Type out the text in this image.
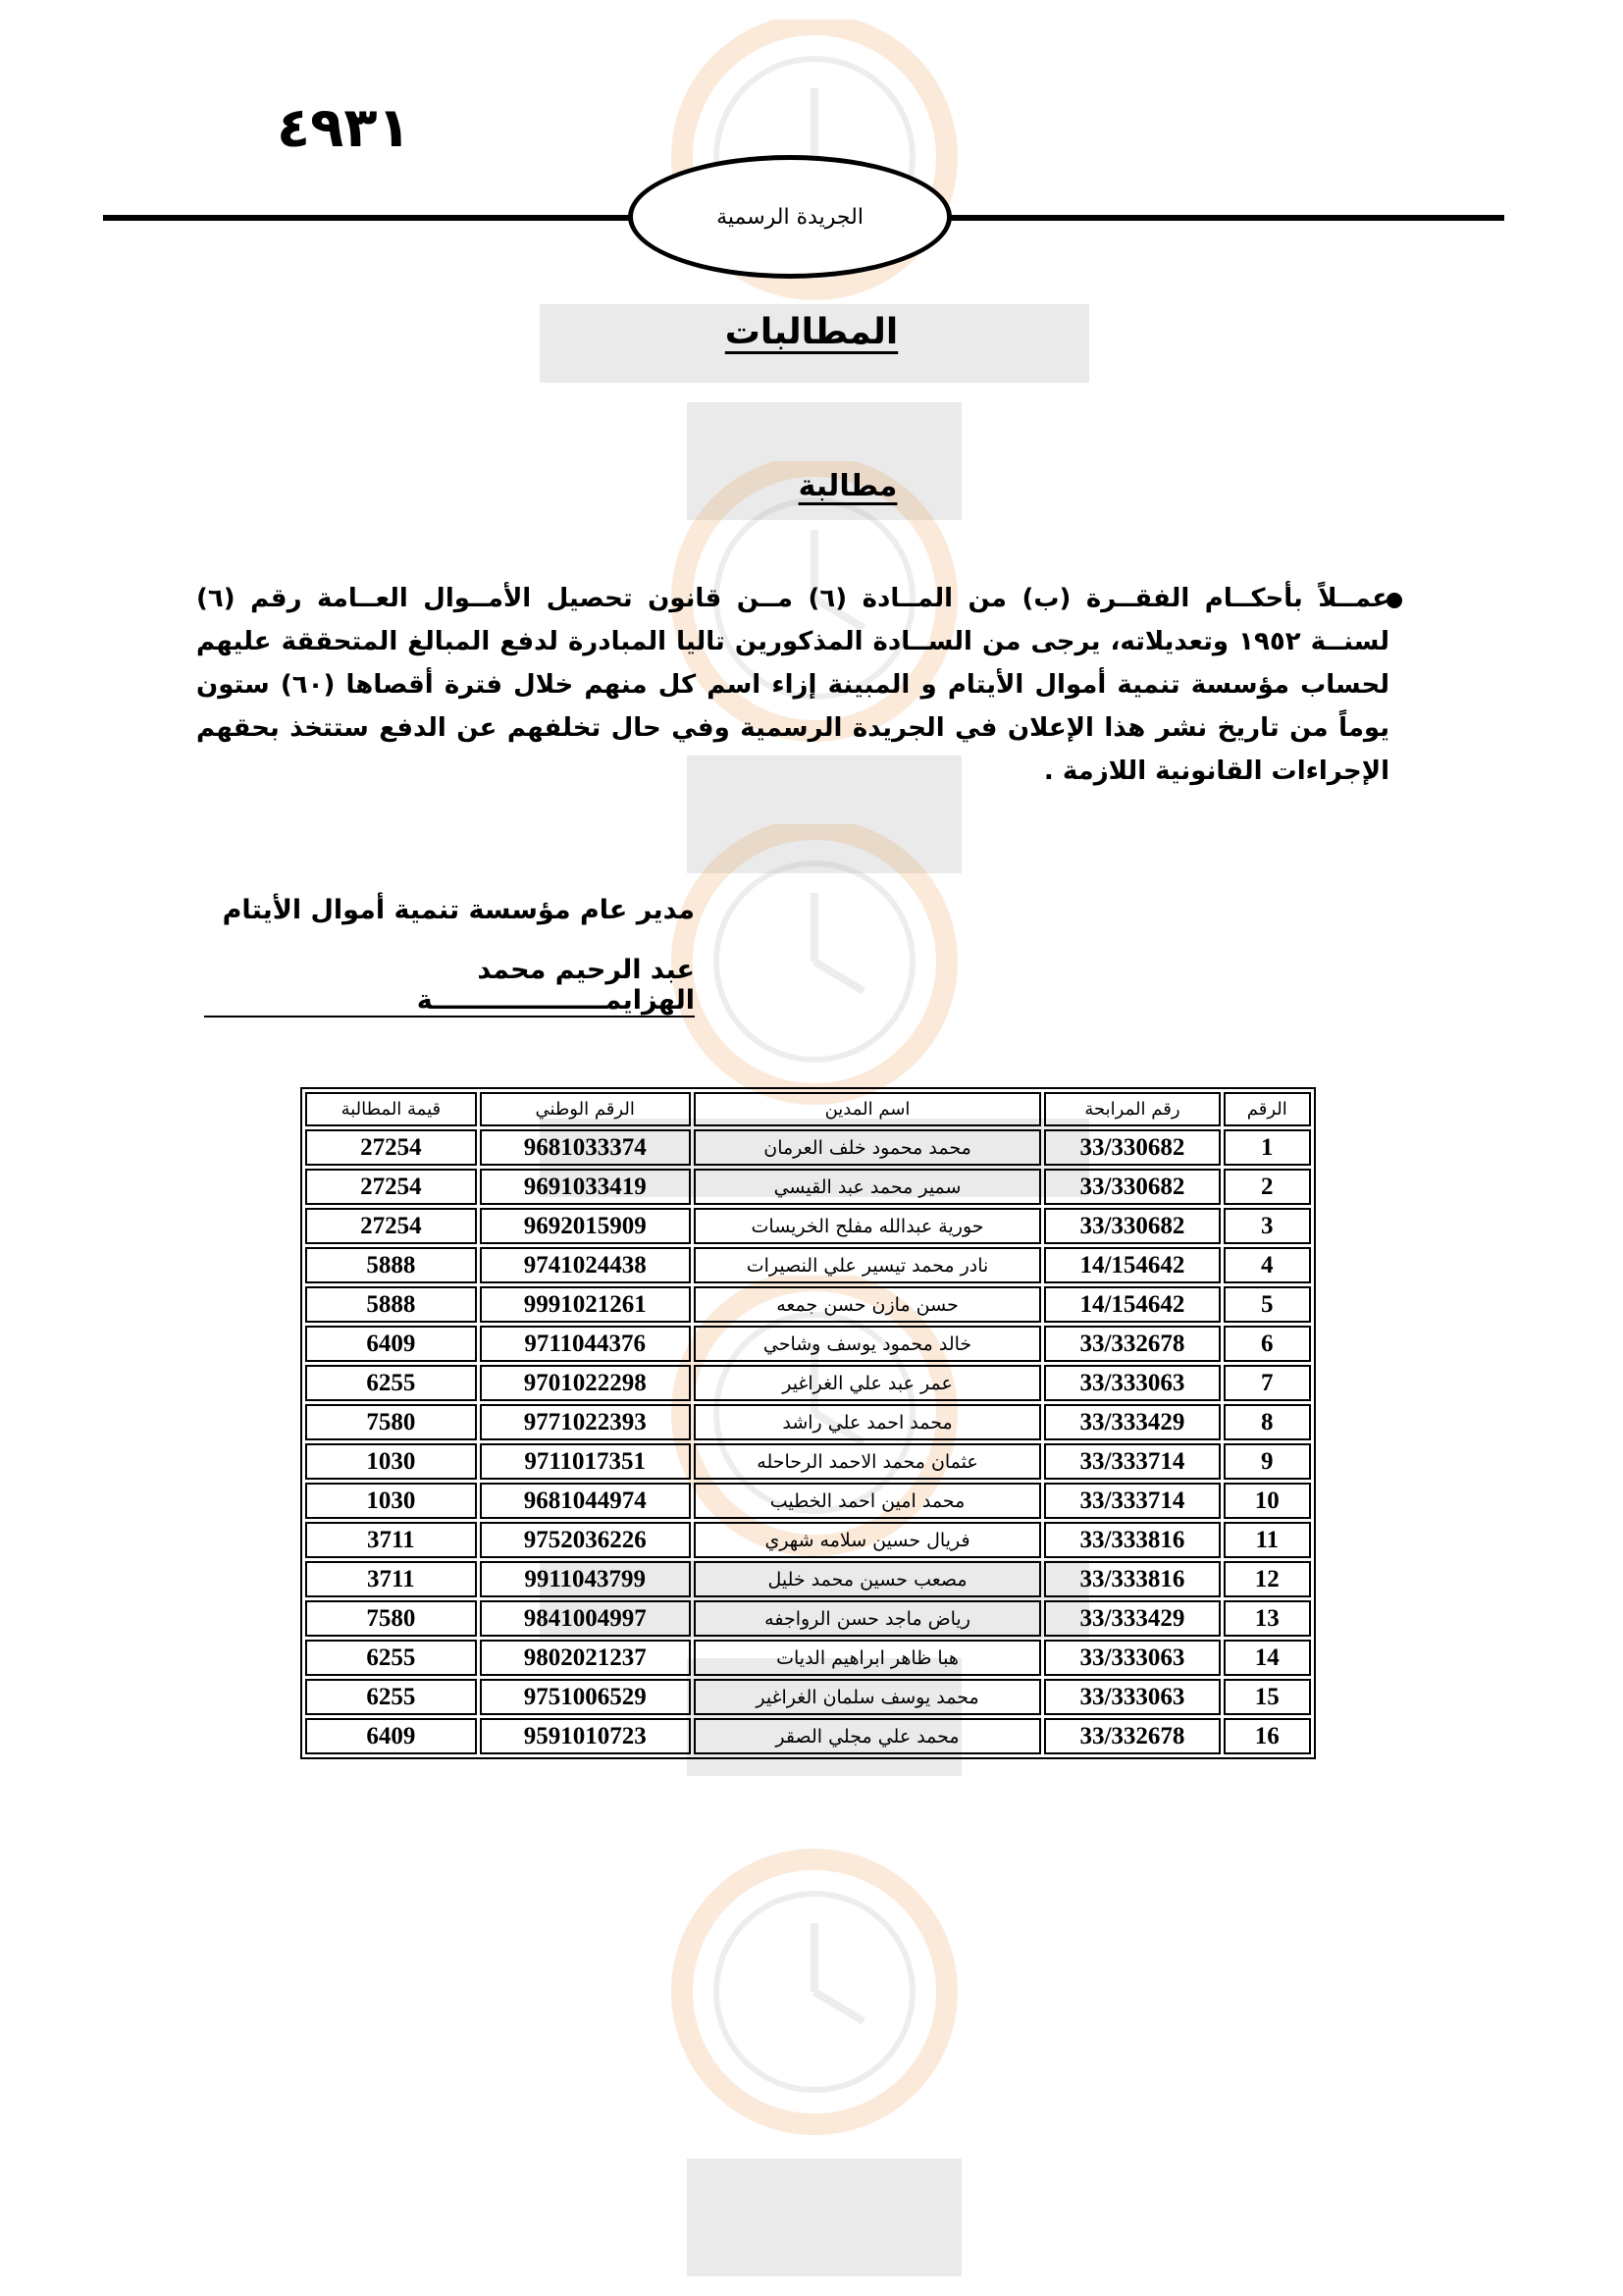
٤٩٣١
الجريدة الرسمية
المطالبات
مطالبة
عمــلاً بأحكــام الفقــرة (ب) من المــادة (٦) مــن قانون تحصيل الأمــوال العــامة رقم (٦) لسنــة ١٩٥٢ وتعديلاته، يرجى من الســادة المذكورين تاليا المبادرة لدفع المبالغ المتحققة عليهم لحساب مؤسسة تنمية أموال الأيتام و المبينة إزاء اسم كل منهم خلال فترة أقصاها (٦٠) ستون يوماً من تاريخ نشر هذا الإعلان في الجريدة الرسمية وفي حال تخلفهم عن الدفع ستتخذ بحقهم الإجراءات القانونية اللازمة .
مدير عام مؤسسة تنمية أموال الأيتام
عبد الرحيم محمد الهزايمـــــــــــــــــــة
الرقم	رقم المرابحة	اسم المدين	الرقم الوطني	قيمة المطالبة
1	33/330682	محمد محمود خلف العرمان	9681033374	27254
2	33/330682	سمير محمد عبد القيسي	9691033419	27254
3	33/330682	حورية عبدالله مفلح الخريسات	9692015909	27254
4	14/154642	نادر محمد تيسير علي النصيرات	9741024438	5888
5	14/154642	حسن مازن حسن جمعه	9991021261	5888
6	33/332678	خالد محمود يوسف وشاحي	9711044376	6409
7	33/333063	عمر عبد علي الغراغير	9701022298	6255
8	33/333429	محمد احمد علي راشد	9771022393	7580
9	33/333714	عثمان محمد الاحمد الرحاحله	9711017351	1030
10	33/333714	محمد امين احمد الخطيب	9681044974	1030
11	33/333816	فريال حسين سلامه شهري	9752036226	3711
12	33/333816	مصعب حسين محمد خليل	9911043799	3711
13	33/333429	رياض ماجد حسن الرواجفه	9841004997	7580
14	33/333063	هبا ظاهر ابراهيم الديات	9802021237	6255
15	33/333063	محمد يوسف سلمان الغراغير	9751006529	6255
16	33/332678	محمد علي مجلي الصقر	9591010723	6409
